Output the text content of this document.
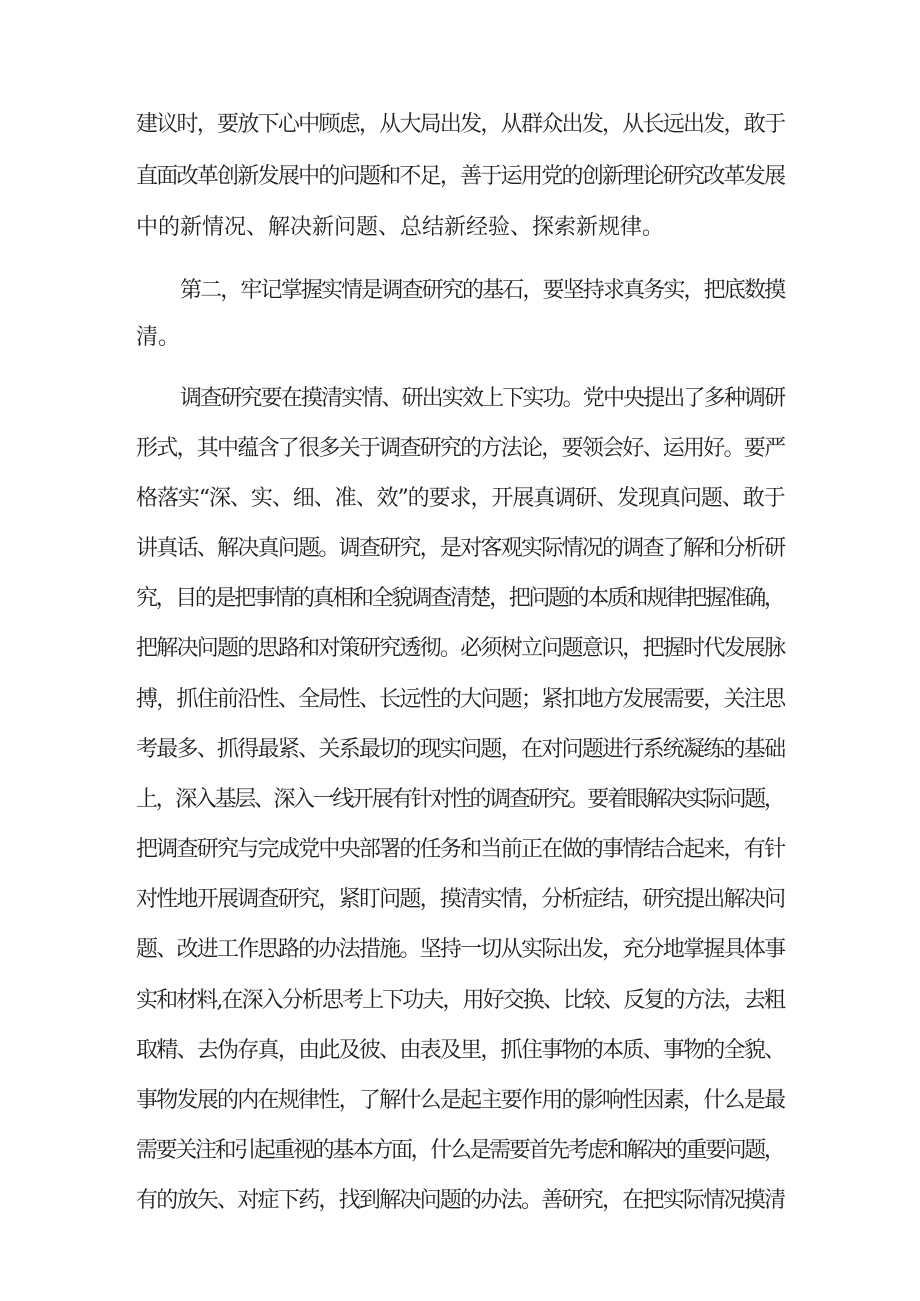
建议时，要放下心中顾虑，从大局出发，从群众出发，从长远出发，敢于
直面改革创新发展中的问题和不足，善于运用党的创新理论研究改革发展
中的新情况、解决新问题、总结新经验、探索新规律。
第二，牢记掌握实情是调查研究的基石，要坚持求真务实，把底数摸
清。
调查研究要在摸清实情、研出实效上下实功。党中央提出了多种调研
形式，其中蕴含了很多关于调查研究的方法论，要领会好、运用好。要严
格落实“深、实、细、准、效”的要求，开展真调研、发现真问题、敢于
讲真话、解决真问题。调查研究，是对客观实际情况的调查了解和分析研
究，目的是把事情的真相和全貌调查清楚，把问题的本质和规律把握准确，
把解决问题的思路和对策研究透彻。必须树立问题意识，把握时代发展脉
搏，抓住前沿性、全局性、长远性的大问题；紧扣地方发展需要，关注思
考最多、抓得最紧、关系最切的现实问题，在对问题进行系统凝练的基础
上，深入基层、深入一线开展有针对性的调查研究。要着眼解决实际问题，
把调查研究与完成党中央部署的任务和当前正在做的事情结合起来，有针
对性地开展调查研究，紧盯问题，摸清实情，分析症结，研究提出解决问
题、改进工作思路的办法措施。坚持一切从实际出发，充分地掌握具体事
实和材料,在深入分析思考上下功夫，用好交换、比较、反复的方法，去粗
取精、去伪存真，由此及彼、由表及里，抓住事物的本质、事物的全貌、
事物发展的内在规律性，了解什么是起主要作用的影响性因素，什么是最
需要关注和引起重视的基本方面，什么是需要首先考虑和解决的重要问题，
有的放矢、对症下药，找到解决问题的办法。善研究，在把实际情况摸清
